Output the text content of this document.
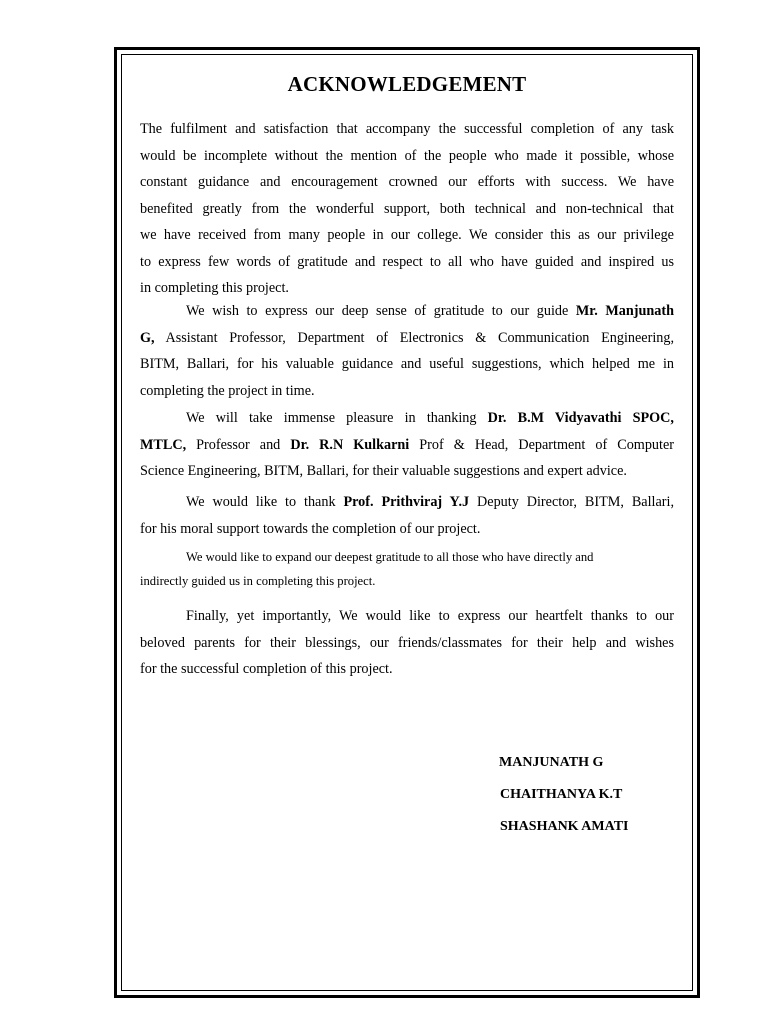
ACKNOWLEDGEMENT
The fulfilment and satisfaction that accompany the successful completion of any task
would be incomplete without the mention of the people who made it possible, whose
constant guidance and encouragement crowned our efforts with success. We have
benefited greatly from the wonderful support, both technical and non-technical that
we have received from many people in our college. We consider this as our privilege
to express few words of gratitude and respect to all who have guided and inspired us
in completing this project.
We wish to express our deep sense of gratitude to our guide Mr. Manjunath
G, Assistant Professor, Department of Electronics & Communication Engineering,
BITM, Ballari, for his valuable guidance and useful suggestions, which helped me in
completing the project in time.
We will take immense pleasure in thanking Dr. B.M Vidyavathi SPOC,
MTLC, Professor and Dr. R.N Kulkarni Prof & Head, Department of Computer
Science Engineering, BITM, Ballari, for their valuable suggestions and expert advice.
We would like to thank Prof. Prithviraj Y.J Deputy Director, BITM, Ballari,
for his moral support towards the completion of our project.
We would like to expand our deepest gratitude to all those who have directly and
indirectly guided us in completing this project.
Finally, yet importantly, We would like to express our heartfelt thanks to our
beloved parents for their blessings, our friends/classmates for their help and wishes
for the successful completion of this project.
MANJUNATH G
CHAITHANYA K.T
SHASHANK AMATI
